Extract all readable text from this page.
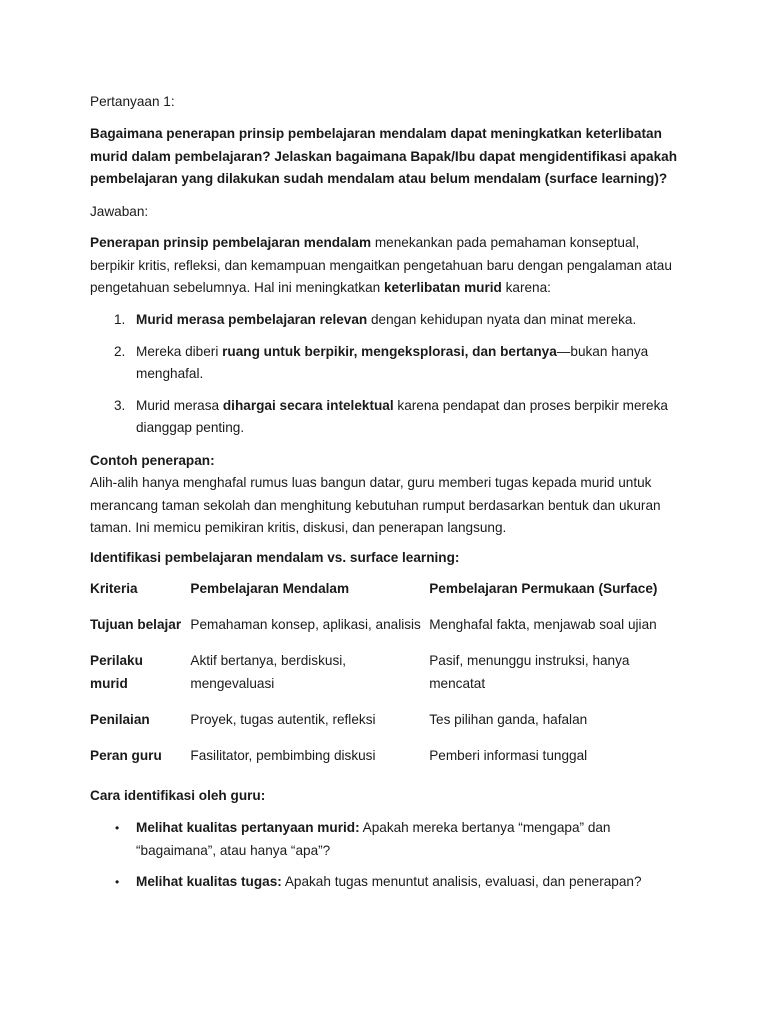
Pertanyaan 1:

Bagaimana penerapan prinsip pembelajaran mendalam dapat meningkatkan keterlibatan murid dalam pembelajaran? Jelaskan bagaimana Bapak/Ibu dapat mengidentifikasi apakah pembelajaran yang dilakukan sudah mendalam atau belum mendalam (surface learning)?

Jawaban:

Penerapan prinsip pembelajaran mendalam menekankan pada pemahaman konseptual, berpikir kritis, refleksi, dan kemampuan mengaitkan pengetahuan baru dengan pengalaman atau pengetahuan sebelumnya. Hal ini meningkatkan keterlibatan murid karena:

1. Murid merasa pembelajaran relevan dengan kehidupan nyata dan minat mereka.
2. Mereka diberi ruang untuk berpikir, mengeksplorasi, dan bertanya—bukan hanya menghafal.
3. Murid merasa dihargai secara intelektual karena pendapat dan proses berpikir mereka dianggap penting.

Contoh penerapan:

Alih-alih hanya menghafal rumus luas bangun datar, guru memberi tugas kepada murid untuk merancang taman sekolah dan menghitung kebutuhan rumput berdasarkan bentuk dan ukuran taman. Ini memicu pemikiran kritis, diskusi, dan penerapan langsung.

Identifikasi pembelajaran mendalam vs. surface learning:

Kriteria	Pembelajaran Mendalam	Pembelajaran Permukaan (Surface)
Tujuan belajar	Pemahaman konsep, aplikasi, analisis	Menghafal fakta, menjawab soal ujian
Perilaku murid	Aktif bertanya, berdiskusi, mengevaluasi	Pasif, menunggu instruksi, hanya mencatat
Penilaian	Proyek, tugas autentik, refleksi	Tes pilihan ganda, hafalan
Peran guru	Fasilitator, pembimbing diskusi	Pemberi informasi tunggal

Cara identifikasi oleh guru:

• Melihat kualitas pertanyaan murid: Apakah mereka bertanya “mengapa” dan “bagaimana”, atau hanya “apa”?
• Melihat kualitas tugas: Apakah tugas menuntut analisis, evaluasi, dan penerapan?
